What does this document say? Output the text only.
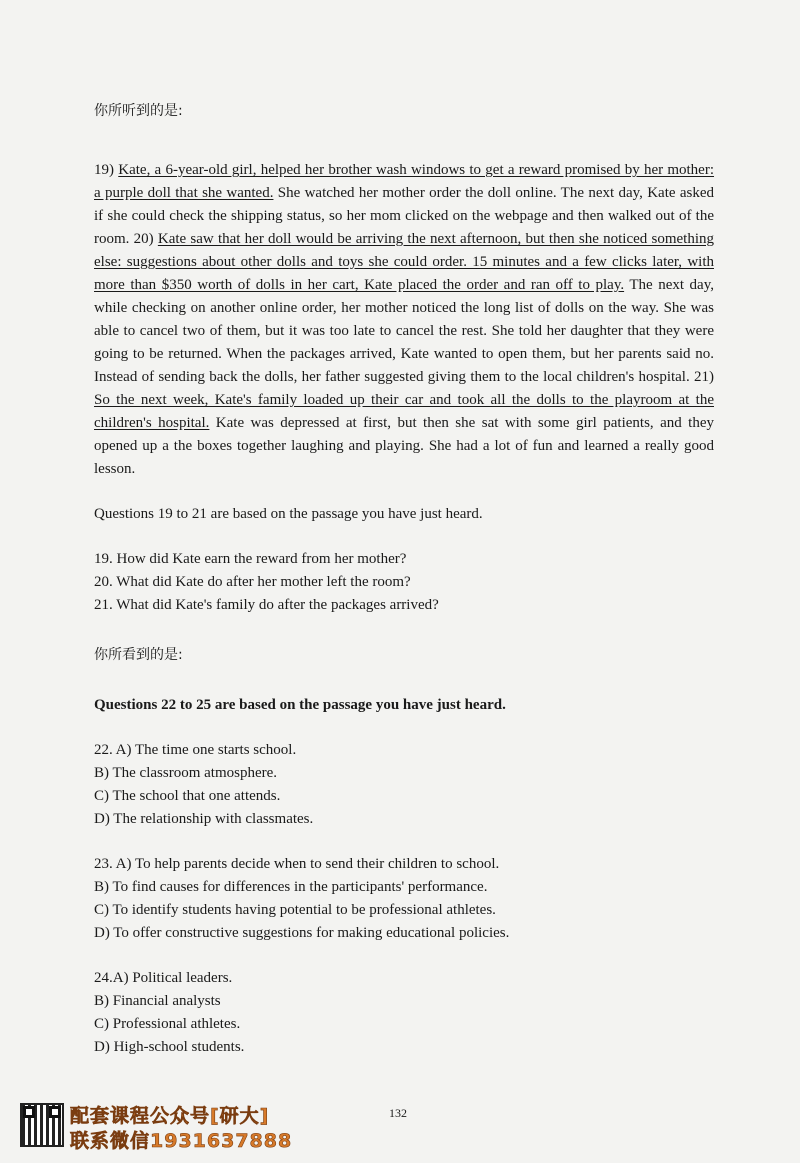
你所听到的是:

19) Kate, a 6-year-old girl, helped her brother wash windows to get a reward promised by her mother: a purple doll that she wanted. She watched her mother order the doll online. The next day, Kate asked if she could check the shipping status, so her mom clicked on the webpage and then walked out of the room. 20) Kate saw that her doll would be arriving the next afternoon, but then she noticed something else: suggestions about other dolls and toys she could order. 15 minutes and a few clicks later, with more than $350 worth of dolls in her cart, Kate placed the order and ran off to play. The next day, while checking on another online order, her mother noticed the long list of dolls on the way. She was able to cancel two of them, but it was too late to cancel the rest. She told her daughter that they were going to be returned. When the packages arrived, Kate wanted to open them, but her parents said no. Instead of sending back the dolls, her father suggested giving them to the local children's hospital. 21) So the next week, Kate's family loaded up their car and took all the dolls to the playroom at the children's hospital. Kate was depressed at first, but then she sat with some girl patients, and they opened up a the boxes together laughing and playing. She had a lot of fun and learned a really good lesson.

Questions 19 to 21 are based on the passage you have just heard.

19. How did Kate earn the reward from her mother?

20. What did Kate do after her mother left the room?

21. What did Kate's family do after the packages arrived?

你所看到的是:

Questions 22 to 25 are based on the passage you have just heard.

22. A) The time one starts school.

B) The classroom atmosphere.

C) The school that one attends.

D) The relationship with classmates.

23. A) To help parents decide when to send their children to school.

B) To find causes for differences in the participants' performance.

C) To identify students having potential to be professional athletes.

D) To offer constructive suggestions for making educational policies.

24.A) Political leaders.

B) Financial analysts

C) Professional athletes.

D) High-school students.

132
配套课程公众号[研大]
联系微信1931637888
